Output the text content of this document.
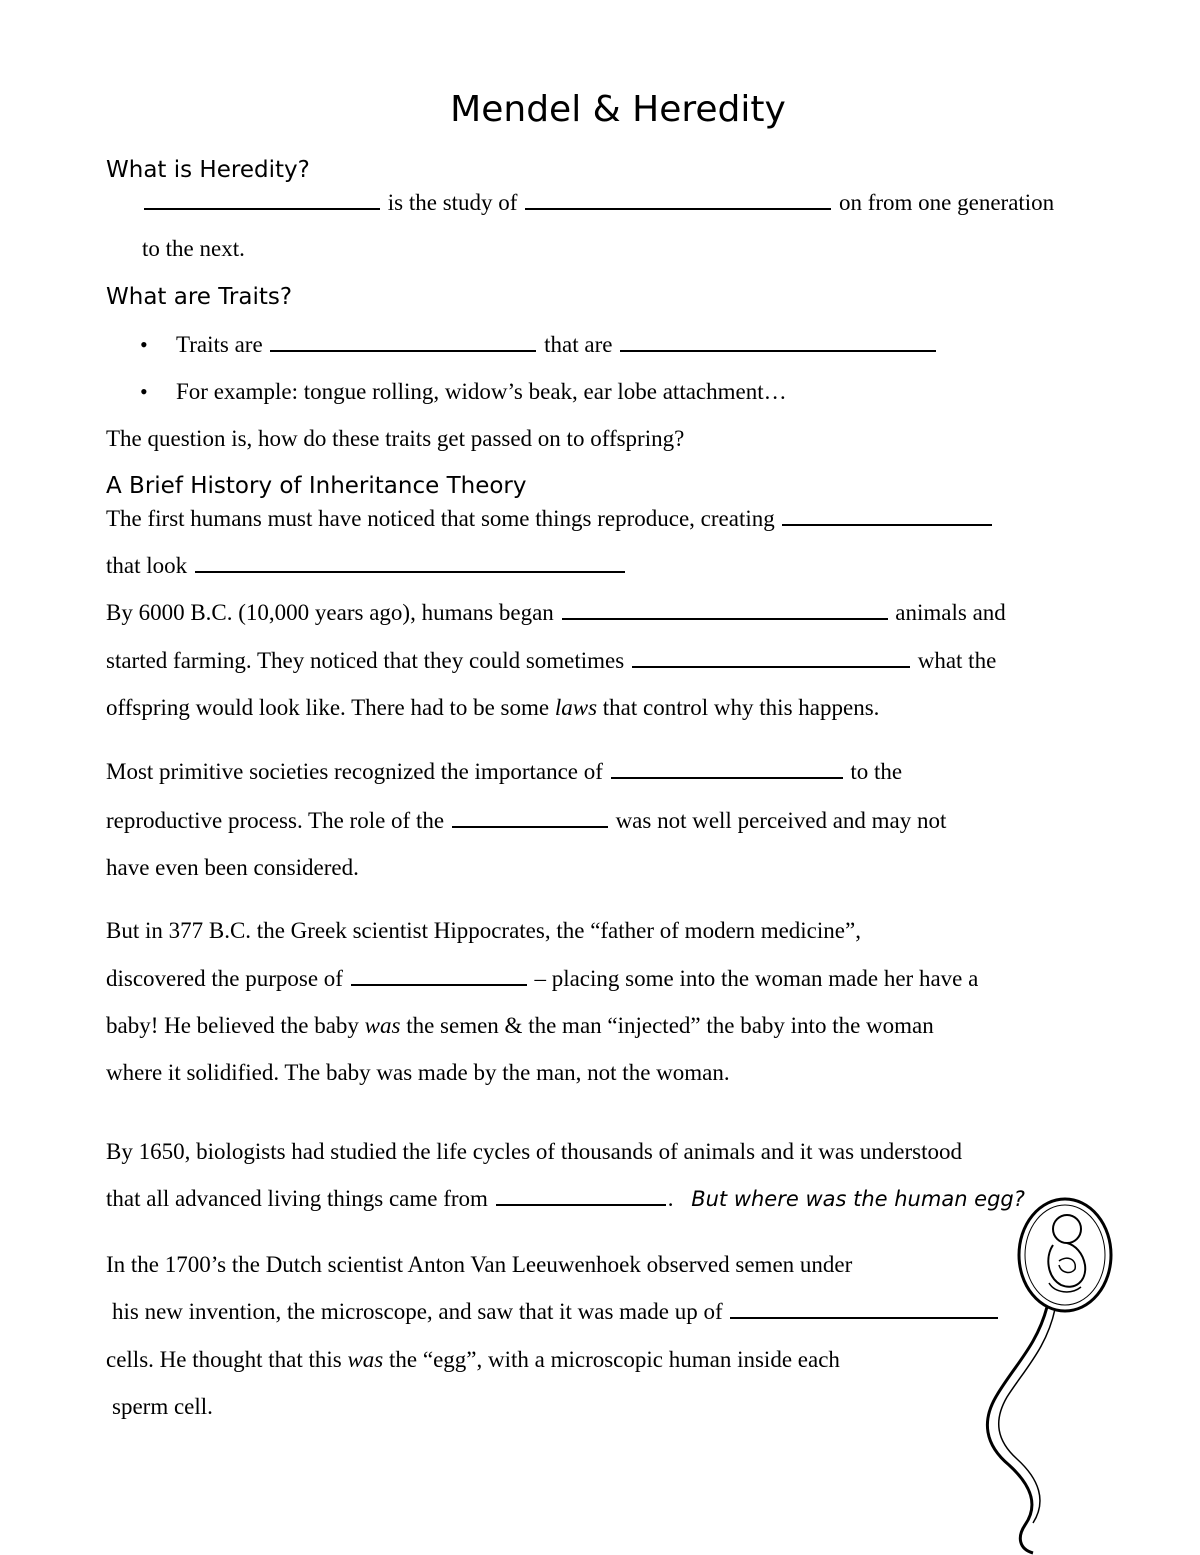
Mendel & Heredity
What is Heredity?
is the study of	on from one generation
to the next.
What are Traits?
• Traits are	that are
• For example: tongue rolling, widow’s beak, ear lobe attachment…
The question is, how do these traits get passed on to offspring?
A Brief History of Inheritance Theory
The first humans must have noticed that some things reproduce, creating
that look
By 6000 B.C. (10,000 years ago), humans began	animals and
started farming. They noticed that they could sometimes	what the
offspring would look like. There had to be some laws that control why this happens.
Most primitive societies recognized the importance of	to the
reproductive process. The role of the	was not well perceived and may not
have even been considered.
But in 377 B.C. the Greek scientist Hippocrates, the “father of modern medicine”,
discovered the purpose of	– placing some into the woman made her have a
baby! He believed the baby was the semen & the man “injected” the baby into the woman
where it solidified. The baby was made by the man, not the woman.
By 1650, biologists had studied the life cycles of thousands of animals and it was understood
that all advanced living things came from	. But where was the human egg?
In the 1700’s the Dutch scientist Anton Van Leeuwenhoek observed semen under
his new invention, the microscope, and saw that it was made up of
cells. He thought that this was the “egg”, with a microscopic human inside each
sperm cell.
